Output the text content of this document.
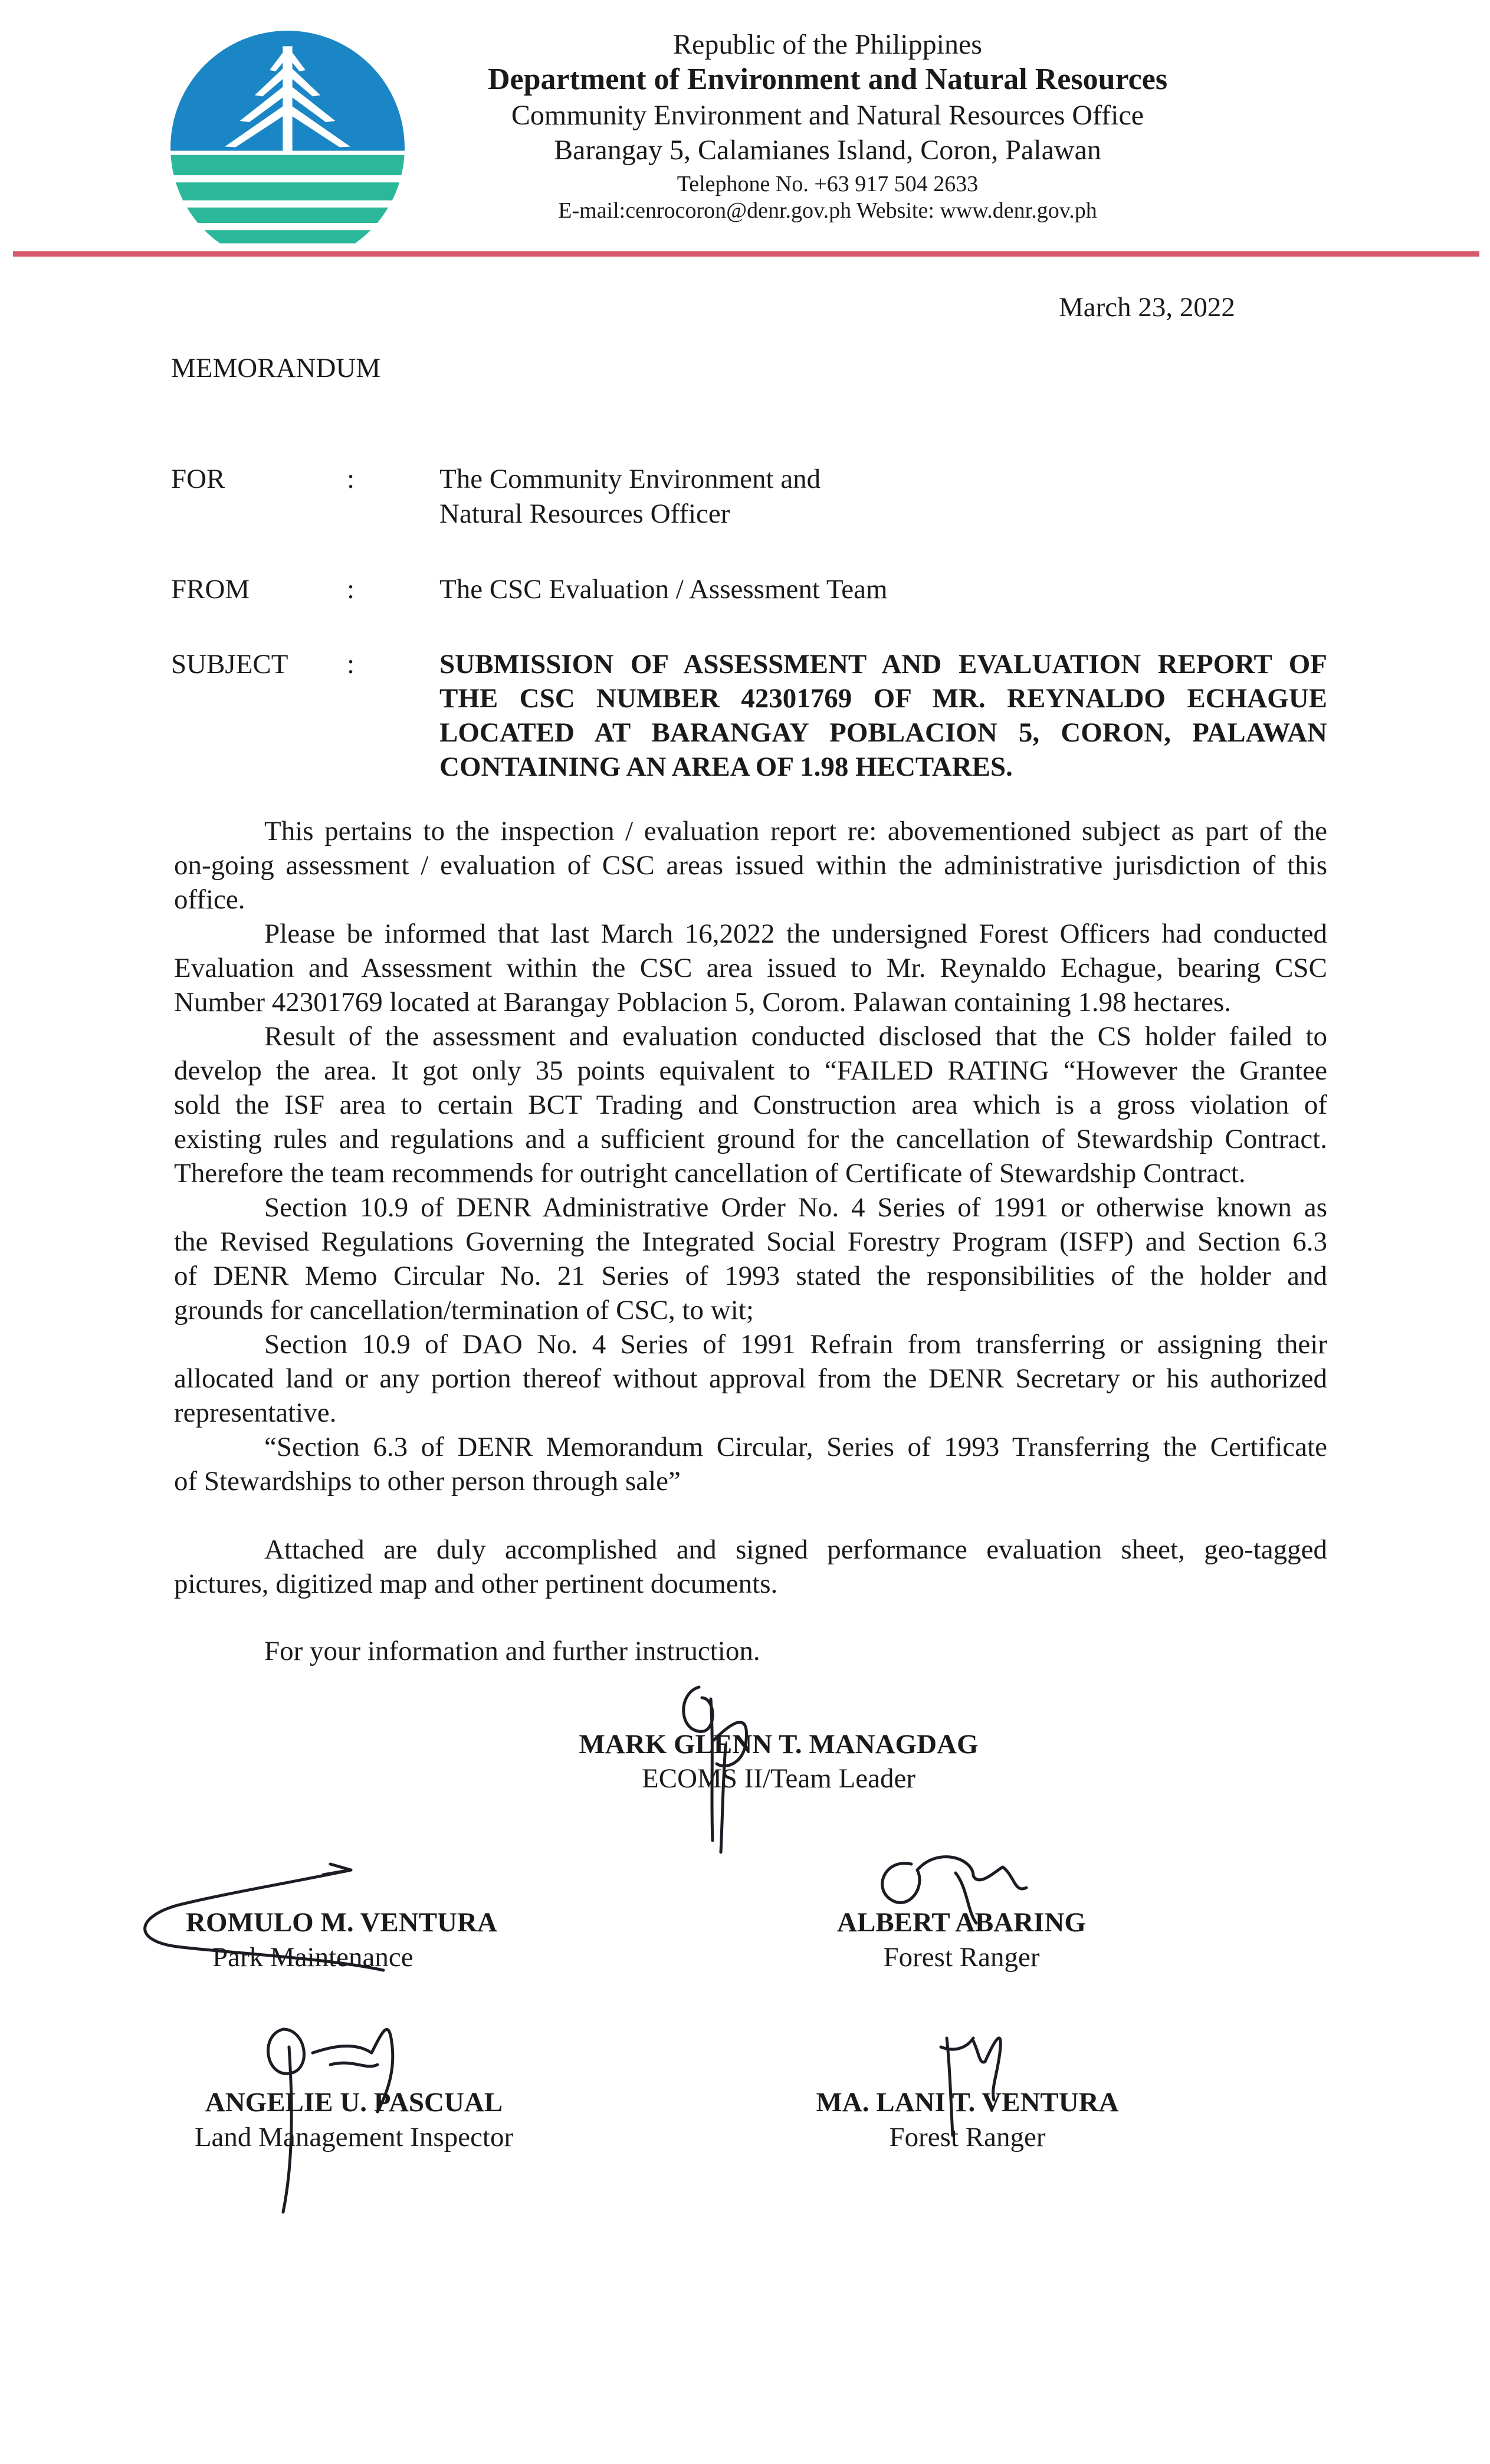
Republic of the Philippines
Department of Environment and Natural Resources
Community Environment and Natural Resources Office
Barangay 5, Calamianes Island, Coron, Palawan
Telephone No. +63 917 504 2633
E-mail:cenrocoron@denr.gov.ph Website: www.denr.gov.ph
March 23, 2022
MEMORANDUM
FOR	:	The Community Environment and
Natural Resources Officer
FROM	:	The CSC Evaluation / Assessment Team
SUBJECT :	SUBMISSION OF ASSESSMENT AND EVALUATION REPORT OF
THE CSC NUMBER 42301769 OF MR. REYNALDO ECHAGUE
LOCATED AT BARANGAY POBLACION 5, CORON, PALAWAN
CONTAINING AN AREA OF 1.98 HECTARES.
This pertains to the inspection / evaluation report re: abovementioned subject as part of the
on-going assessment / evaluation of CSC areas issued within the administrative jurisdiction of this
office.
Please be informed that last March 16,2022 the undersigned Forest Officers had conducted
Evaluation and Assessment within the CSC area issued to Mr. Reynaldo Echague, bearing CSC
Number 42301769 located at Barangay Poblacion 5, Corom. Palawan containing 1.98 hectares.
Result of the assessment and evaluation conducted disclosed that the CS holder failed to
develop the area. It got only 35 points equivalent to “FAILED RATING “However the Grantee
sold the ISF area to certain BCT Trading and Construction area which is a gross violation of
existing rules and regulations and a sufficient ground for the cancellation of Stewardship Contract.
Therefore the team recommends for outright cancellation of Certificate of Stewardship Contract.
Section 10.9 of DENR Administrative Order No. 4 Series of 1991 or otherwise known as
the Revised Regulations Governing the Integrated Social Forestry Program (ISFP) and Section 6.3
of DENR Memo Circular No. 21 Series of 1993 stated the responsibilities of the holder and
grounds for cancellation/termination of CSC, to wit;
Section 10.9 of DAO No. 4 Series of 1991 Refrain from transferring or assigning their
allocated land or any portion thereof without approval from the DENR Secretary or his authorized
representative.
“Section 6.3 of DENR Memorandum Circular, Series of 1993 Transferring the Certificate
of Stewardships to other person through sale”
Attached are duly accomplished and signed performance evaluation sheet, geo-tagged
pictures, digitized map and other pertinent documents.
For your information and further instruction.
MARK GLENN T. MANAGDAG
ECOMS II/Team Leader
ROMULO M. VENTURA
Park Maintenance
ALBERT ABARING
Forest Ranger
ANGELIE U. PASCUAL
Land Management Inspector
MA. LANI T. VENTURA
Forest Ranger
